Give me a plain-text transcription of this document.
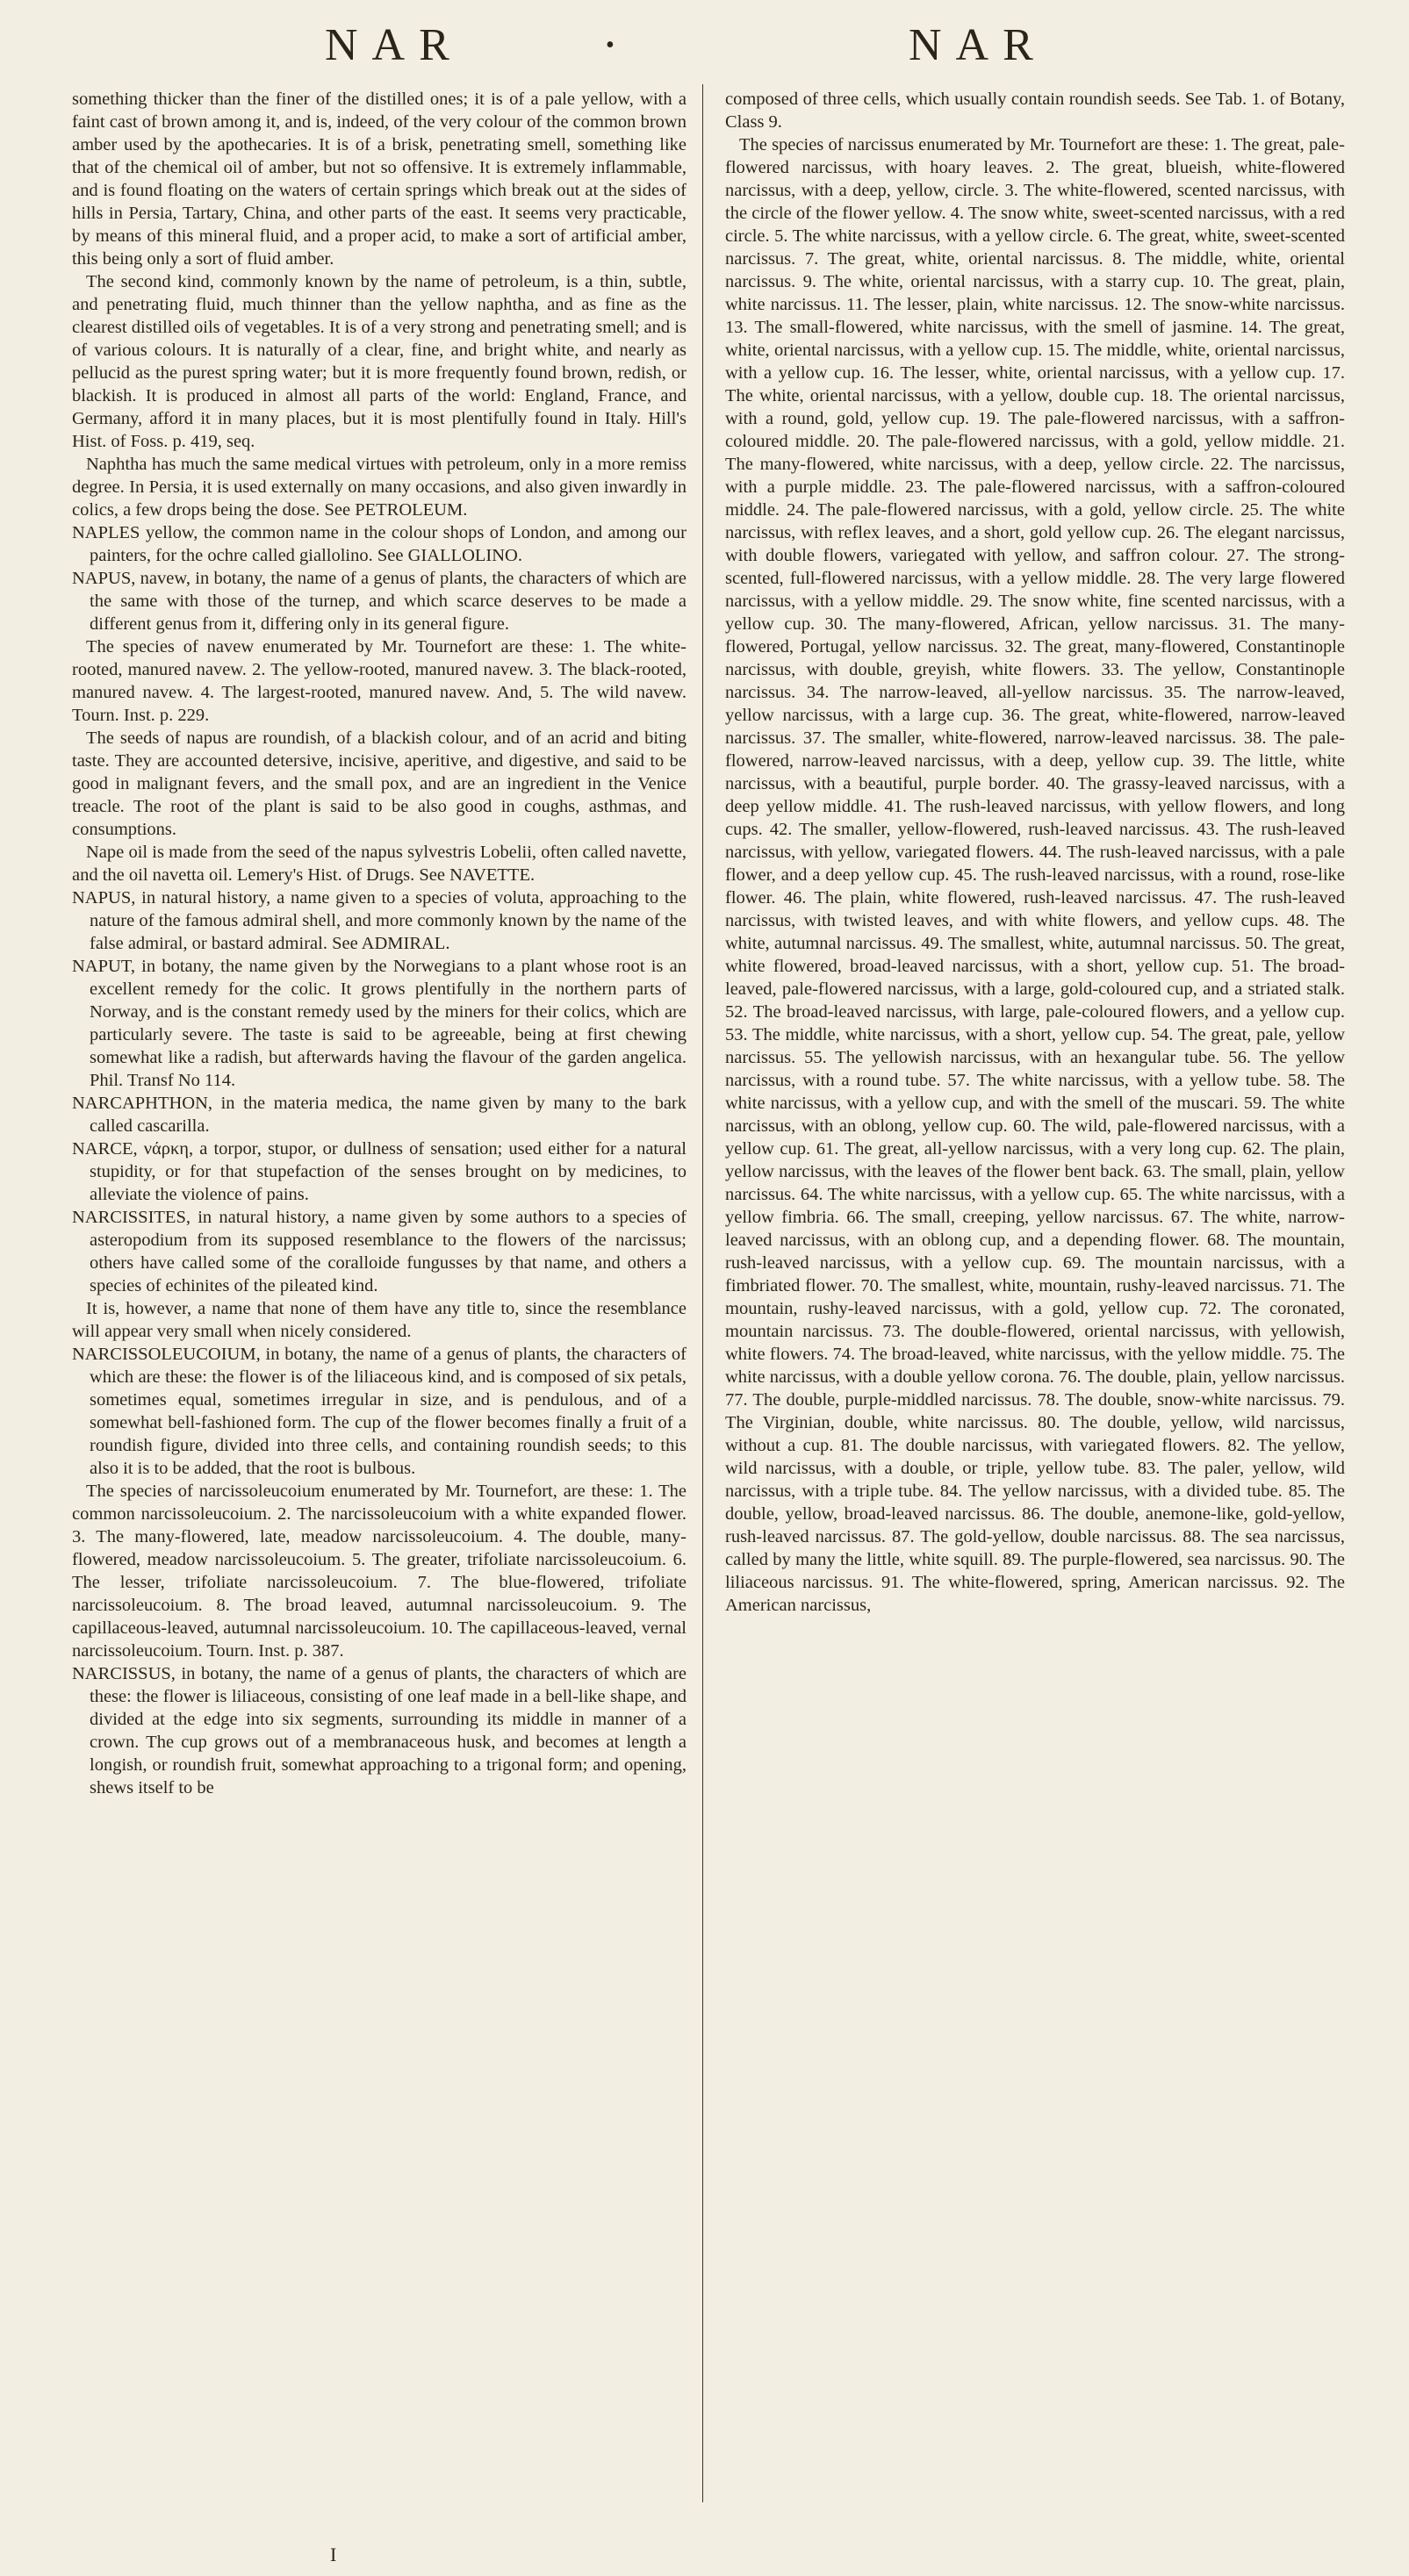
NAR	•	NAR

something thicker than the finer of the distilled ones; it is of a pale yellow, with a faint cast of brown among it, and is, indeed, of the very colour of the common brown amber used by the apothecaries. It is of a brisk, penetrating smell, something like that of the chemical oil of amber, but not so offensive. It is extremely inflammable, and is found floating on the waters of certain springs which break out at the sides of hills in Persia, Tartary, China, and other parts of the east. It seems very practicable, by means of this mineral fluid, and a proper acid, to make a sort of artificial amber, this being only a sort of fluid amber.

The second kind, commonly known by the name of petroleum, is a thin, subtle, and penetrating fluid, much thinner than the yellow naphtha, and as fine as the clearest distilled oils of vegetables. It is of a very strong and penetrating smell; and is of various colours. It is naturally of a clear, fine, and bright white, and nearly as pellucid as the purest spring water; but it is more frequently found brown, redish, or blackish. It is produced in almost all parts of the world: England, France, and Germany, afford it in many places, but it is most plentifully found in Italy. Hill's Hist. of Foss. p. 419, seq.

Naphtha has much the same medical virtues with petroleum, only in a more remiss degree. In Persia, it is used externally on many occasions, and also given inwardly in colics, a few drops being the dose. See PETROLEUM.

NAPLES yellow, the common name in the colour shops of London, and among our painters, for the ochre called giallolino. See GIALLOLINO.

NAPUS, navew, in botany, the name of a genus of plants, the characters of which are the same with those of the turnep, and which scarce deserves to be made a different genus from it, differing only in its general figure.

The species of navew enumerated by Mr. Tournefort are these: 1. The white-rooted, manured navew. 2. The yellow-rooted, manured navew. 3. The black-rooted, manured navew. 4. The largest-rooted, manured navew. And, 5. The wild navew. Tourn. Inst. p. 229.

The seeds of napus are roundish, of a blackish colour, and of an acrid and biting taste. They are accounted detersive, incisive, aperitive, and digestive, and said to be good in malignant fevers, and the small pox, and are an ingredient in the Venice treacle. The root of the plant is said to be also good in coughs, asthmas, and consumptions.

Nape oil is made from the seed of the napus sylvestris Lobelii, often called navette, and the oil navetta oil. Lemery's Hist. of Drugs. See NAVETTE.

NAPUS, in natural history, a name given to a species of voluta, approaching to the nature of the famous admiral shell, and more commonly known by the name of the false admiral, or bastard admiral. See ADMIRAL.

NAPUT, in botany, the name given by the Norwegians to a plant whose root is an excellent remedy for the colic. It grows plentifully in the northern parts of Norway, and is the constant remedy used by the miners for their colics, which are particularly severe. The taste is said to be agreeable, being at first chewing somewhat like a radish, but afterwards having the flavour of the garden angelica. Phil. Transf No 114.

NARCAPHTHON, in the materia medica, the name given by many to the bark called cascarilla.

NARCE, νάρκη, a torpor, stupor, or dullness of sensation; used either for a natural stupidity, or for that stupefaction of the senses brought on by medicines, to alleviate the violence of pains.

NARCISSITES, in natural history, a name given by some authors to a species of asteropodium from its supposed resemblance to the flowers of the narcissus; others have called some of the coralloide fungusses by that name, and others a species of echinites of the pileated kind.

It is, however, a name that none of them have any title to, since the resemblance will appear very small when nicely considered.

NARCISSOLEUCOIUM, in botany, the name of a genus of plants, the characters of which are these: the flower is of the liliaceous kind, and is composed of six petals, sometimes equal, sometimes irregular in size, and is pendulous, and of a somewhat bell-fashioned form. The cup of the flower becomes finally a fruit of a roundish figure, divided into three cells, and containing roundish seeds; to this also it is to be added, that the root is bulbous.

The species of narcissoleucoium enumerated by Mr. Tournefort, are these: 1. The common narcissoleucoium. 2. The narcissoleucoium with a white expanded flower. 3. The many-flowered, late, meadow narcissoleucoium. 4. The double, many-flowered, meadow narcissoleucoium. 5. The greater, trifoliate narcissoleucoium. 6. The lesser, trifoliate narcissoleucoium. 7. The blue-flowered, trifoliate narcissoleucoium. 8. The broad leaved, autumnal narcissoleucoium. 9. The capillaceous-leaved, autumnal narcissoleucoium. 10. The capillaceous-leaved, vernal narcissoleucoium. Tourn. Inst. p. 387.

NARCISSUS, in botany, the name of a genus of plants, the characters of which are these: the flower is liliaceous, consisting of one leaf made in a bell-like shape, and divided at the edge into six segments, surrounding its middle in manner of a crown. The cup grows out of a membranaceous husk, and becomes at length a longish, or roundish fruit, somewhat approaching to a trigonal form; and opening, shews itself to be

composed of three cells, which usually contain roundish seeds. See Tab. 1. of Botany, Class 9.

The species of narcissus enumerated by Mr. Tournefort are these: 1. The great, pale-flowered narcissus, with hoary leaves. 2. The great, blueish, white-flowered narcissus, with a deep, yellow, circle. 3. The white-flowered, scented narcissus, with the circle of the flower yellow. 4. The snow white, sweet-scented narcissus, with a red circle. 5. The white narcissus, with a yellow circle. 6. The great, white, sweet-scented narcissus. 7. The great, white, oriental narcissus. 8. The middle, white, oriental narcissus. 9. The white, oriental narcissus, with a starry cup. 10. The great, plain, white narcissus. 11. The lesser, plain, white narcissus. 12. The snow-white narcissus. 13. The small-flowered, white narcissus, with the smell of jasmine. 14. The great, white, oriental narcissus, with a yellow cup. 15. The middle, white, oriental narcissus, with a yellow cup. 16. The lesser, white, oriental narcissus, with a yellow cup. 17. The white, oriental narcissus, with a yellow, double cup. 18. The oriental narcissus, with a round, gold, yellow cup. 19. The pale-flowered narcissus, with a saffron-coloured middle. 20. The pale-flowered narcissus, with a gold, yellow middle. 21. The many-flowered, white narcissus, with a deep, yellow circle. 22. The narcissus, with a purple middle. 23. The pale-flowered narcissus, with a saffron-coloured middle. 24. The pale-flowered narcissus, with a gold, yellow circle. 25. The white narcissus, with reflex leaves, and a short, gold yellow cup. 26. The elegant narcissus, with double flowers, variegated with yellow, and saffron colour. 27. The strong-scented, full-flowered narcissus, with a yellow middle. 28. The very large flowered narcissus, with a yellow middle. 29. The snow white, fine scented narcissus, with a yellow cup. 30. The many-flowered, African, yellow narcissus. 31. The many-flowered, Portugal, yellow narcissus. 32. The great, many-flowered, Constantinople narcissus, with double, greyish, white flowers. 33. The yellow, Constantinople narcissus. 34. The narrow-leaved, all-yellow narcissus. 35. The narrow-leaved, yellow narcissus, with a large cup. 36. The great, white-flowered, narrow-leaved narcissus. 37. The smaller, white-flowered, narrow-leaved narcissus. 38. The pale-flowered, narrow-leaved narcissus, with a deep, yellow cup. 39. The little, white narcissus, with a beautiful, purple border. 40. The grassy-leaved narcissus, with a deep yellow middle. 41. The rush-leaved narcissus, with yellow flowers, and long cups. 42. The smaller, yellow-flowered, rush-leaved narcissus. 43. The rush-leaved narcissus, with yellow, variegated flowers. 44. The rush-leaved narcissus, with a pale flower, and a deep yellow cup. 45. The rush-leaved narcissus, with a round, rose-like flower. 46. The plain, white flowered, rush-leaved narcissus. 47. The rush-leaved narcissus, with twisted leaves, and with white flowers, and yellow cups. 48. The white, autumnal narcissus. 49. The smallest, white, autumnal narcissus. 50. The great, white flowered, broad-leaved narcissus, with a short, yellow cup. 51. The broad-leaved, pale-flowered narcissus, with a large, gold-coloured cup, and a striated stalk. 52. The broad-leaved narcissus, with large, pale-coloured flowers, and a yellow cup. 53. The middle, white narcissus, with a short, yellow cup. 54. The great, pale, yellow narcissus. 55. The yellowish narcissus, with an hexangular tube. 56. The yellow narcissus, with a round tube. 57. The white narcissus, with a yellow tube. 58. The white narcissus, with a yellow cup, and with the smell of the muscari. 59. The white narcissus, with an oblong, yellow cup. 60. The wild, pale-flowered narcissus, with a yellow cup. 61. The great, all-yellow narcissus, with a very long cup. 62. The plain, yellow narcissus, with the leaves of the flower bent back. 63. The small, plain, yellow narcissus. 64. The white narcissus, with a yellow cup. 65. The white narcissus, with a yellow fimbria. 66. The small, creeping, yellow narcissus. 67. The white, narrow-leaved narcissus, with an oblong cup, and a depending flower. 68. The mountain, rush-leaved narcissus, with a yellow cup. 69. The mountain narcissus, with a fimbriated flower. 70. The smallest, white, mountain, rushy-leaved narcissus. 71. The mountain, rushy-leaved narcissus, with a gold, yellow cup. 72. The coronated, mountain narcissus. 73. The double-flowered, oriental narcissus, with yellowish, white flowers. 74. The broad-leaved, white narcissus, with the yellow middle. 75. The white narcissus, with a double yellow corona. 76. The double, plain, yellow narcissus. 77. The double, purple-middled narcissus. 78. The double, snow-white narcissus. 79. The Virginian, double, white narcissus. 80. The double, yellow, wild narcissus, without a cup. 81. The double narcissus, with variegated flowers. 82. The yellow, wild narcissus, with a double, or triple, yellow tube. 83. The paler, yellow, wild narcissus, with a triple tube. 84. The yellow narcissus, with a divided tube. 85. The double, yellow, broad-leaved narcissus. 86. The double, anemone-like, gold-yellow, rush-leaved narcissus. 87. The gold-yellow, double narcissus. 88. The sea narcissus, called by many the little, white squill. 89. The purple-flowered, sea narcissus. 90. The liliaceous narcissus. 91. The white-flowered, spring, American narcissus. 92. The American narcissus,

I
